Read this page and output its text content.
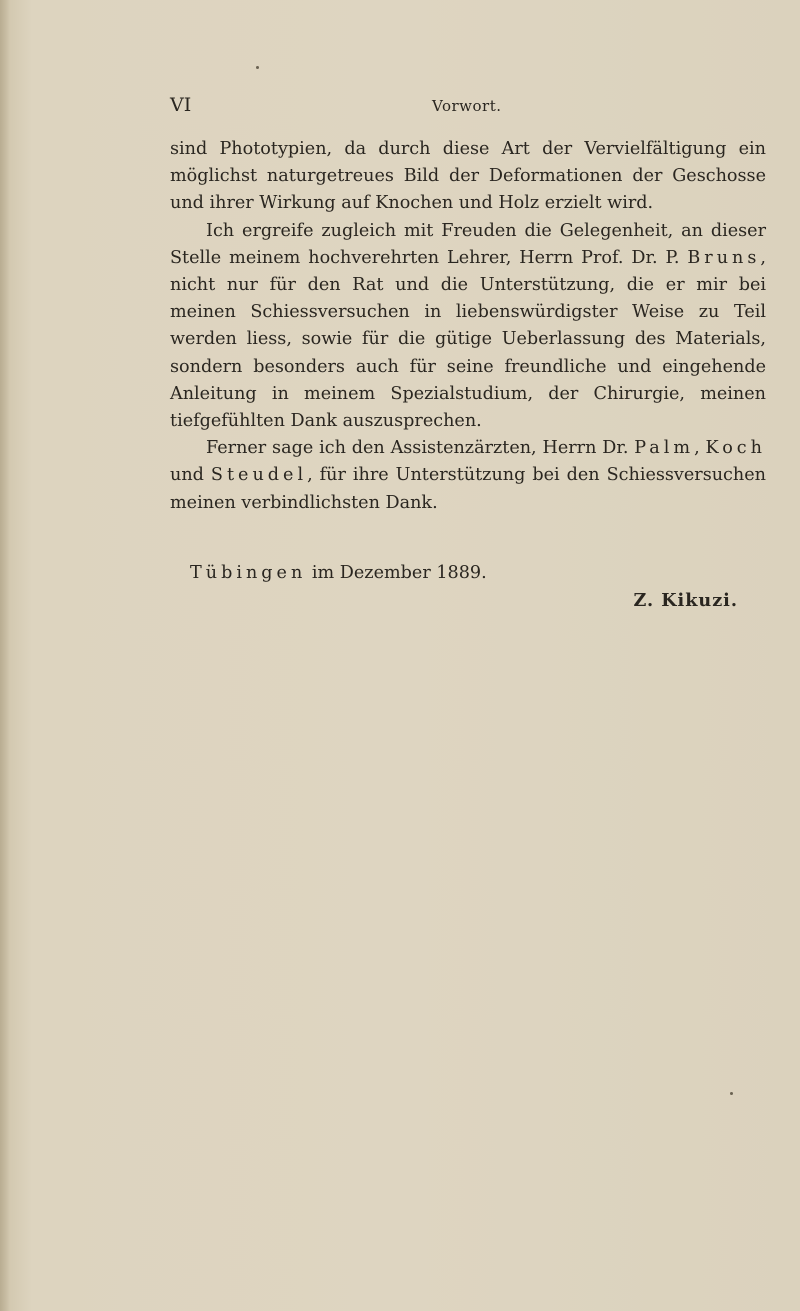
VI	Vorwort.

sind Phototypien, da durch diese Art der Vervielfältigung ein möglichst naturgetreues Bild der Deformationen der Geschosse und ihrer Wirkung auf Knochen und Holz erzielt wird.

Ich ergreife zugleich mit Freuden die Gelegenheit, an dieser Stelle meinem hochverehrten Lehrer, Herrn Prof. Dr. P. Bruns, nicht nur für den Rat und die Unterstützung, die er mir bei meinen Schiessversuchen in liebenswürdigster Weise zu Teil werden liess, sowie für die gütige Ueberlassung des Materials, sondern besonders auch für seine freundliche und eingehende Anleitung in meinem Spezialstudium, der Chirurgie, meinen tiefgefühlten Dank auszusprechen.

Ferner sage ich den Assistenzärzten, Herrn Dr. Palm, Koch und Steudel, für ihre Unterstützung bei den Schiessversuchen meinen verbindlichsten Dank.

Tübingen im Dezember 1889.
Z. Kikuzi.
